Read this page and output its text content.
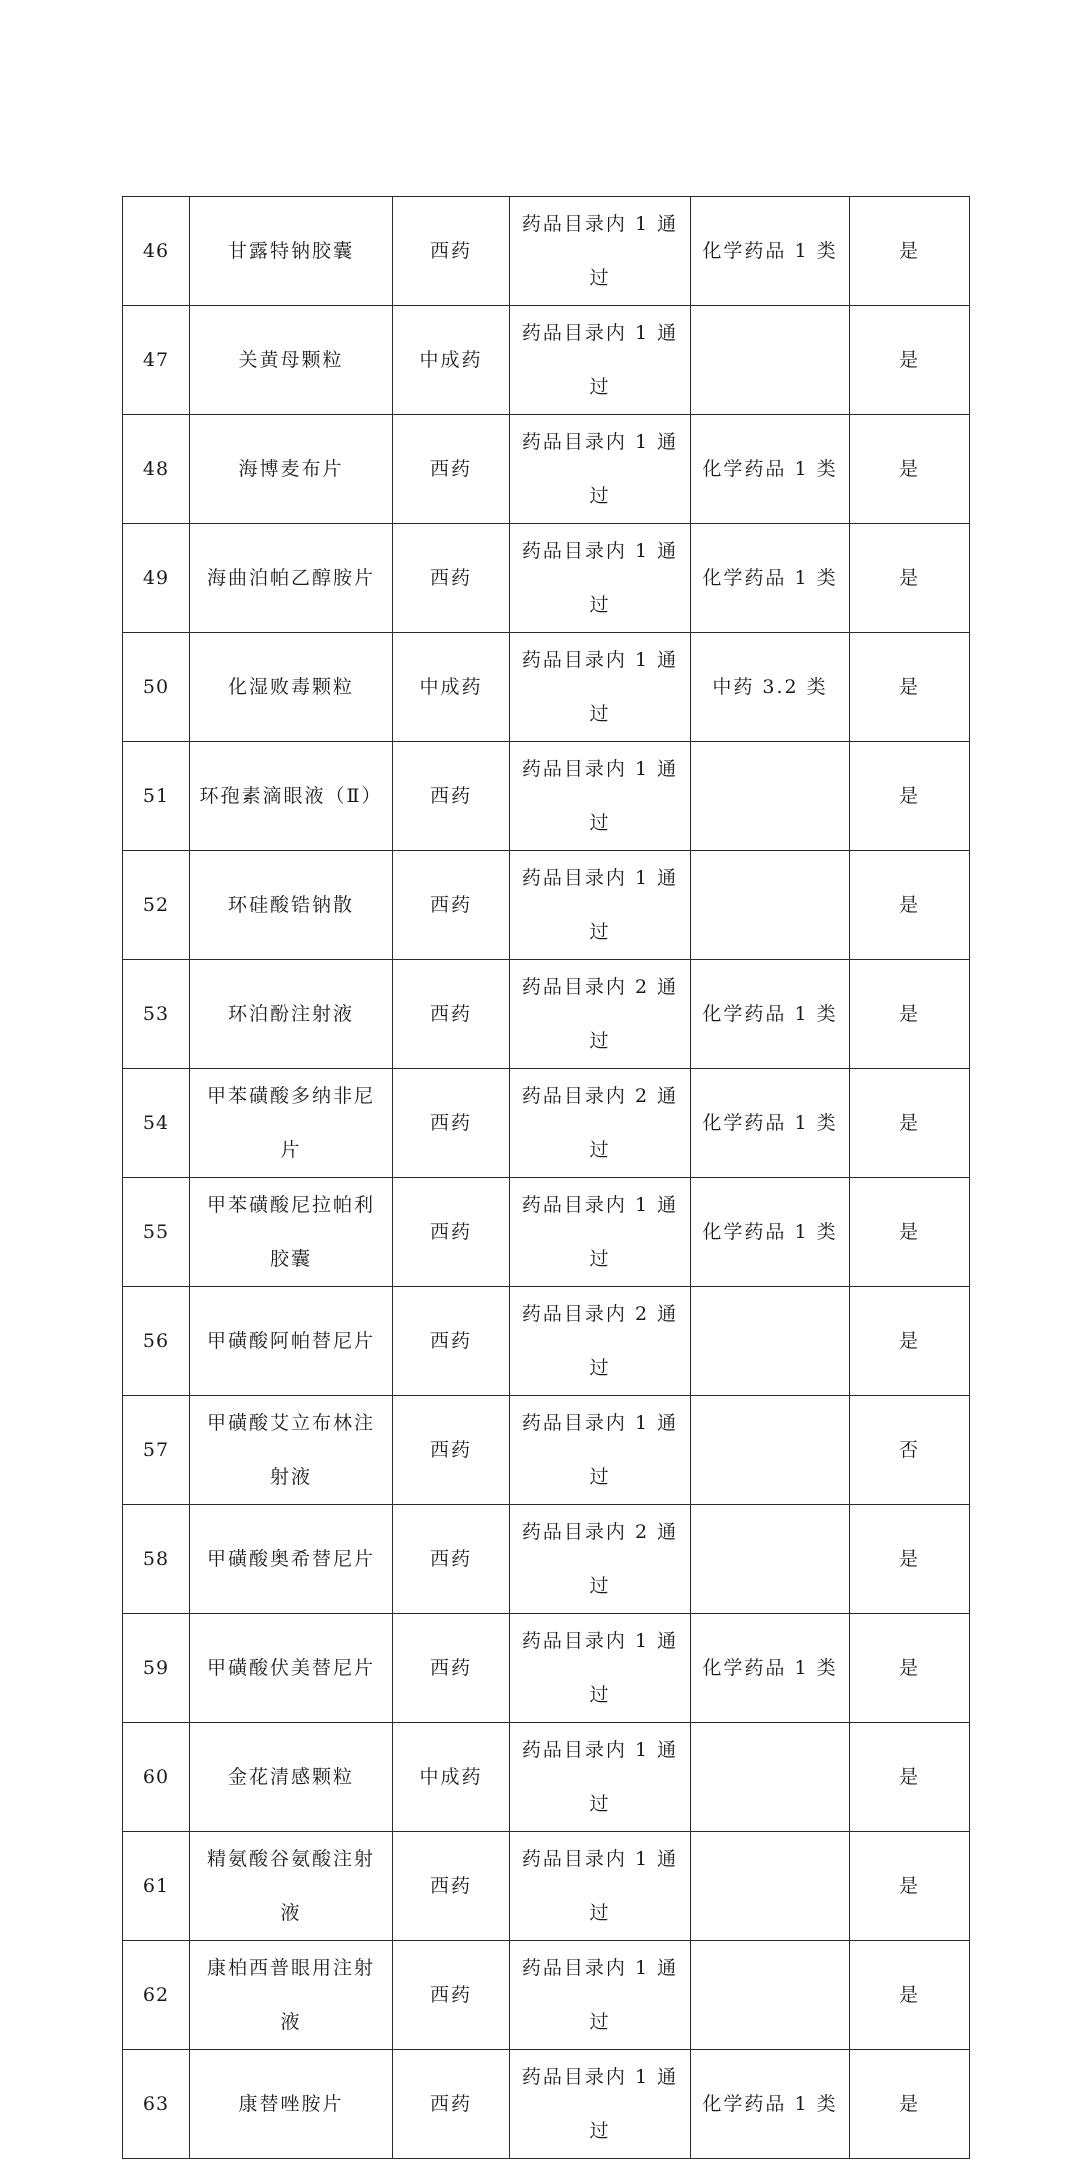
46	甘露特钠胶囊	西药	药品目录内 1 通过	化学药品 1 类	是
47	关黄母颗粒	中成药	药品目录内 1 通过		是
48	海博麦布片	西药	药品目录内 1 通过	化学药品 1 类	是
49	海曲泊帕乙醇胺片	西药	药品目录内 1 通过	化学药品 1 类	是
50	化湿败毒颗粒	中成药	药品目录内 1 通过	中药 3.2 类	是
51	环孢素滴眼液（Ⅱ）	西药	药品目录内 1 通过		是
52	环硅酸锆钠散	西药	药品目录内 1 通过		是
53	环泊酚注射液	西药	药品目录内 2 通过	化学药品 1 类	是
54	甲苯磺酸多纳非尼片	西药	药品目录内 2 通过	化学药品 1 类	是
55	甲苯磺酸尼拉帕利胶囊	西药	药品目录内 1 通过	化学药品 1 类	是
56	甲磺酸阿帕替尼片	西药	药品目录内 2 通过		是
57	甲磺酸艾立布林注射液	西药	药品目录内 1 通过		否
58	甲磺酸奥希替尼片	西药	药品目录内 2 通过		是
59	甲磺酸伏美替尼片	西药	药品目录内 1 通过	化学药品 1 类	是
60	金花清感颗粒	中成药	药品目录内 1 通过		是
61	精氨酸谷氨酸注射液	西药	药品目录内 1 通过		是
62	康柏西普眼用注射液	西药	药品目录内 1 通过		是
63	康替唑胺片	西药	药品目录内 1 通过	化学药品 1 类	是
